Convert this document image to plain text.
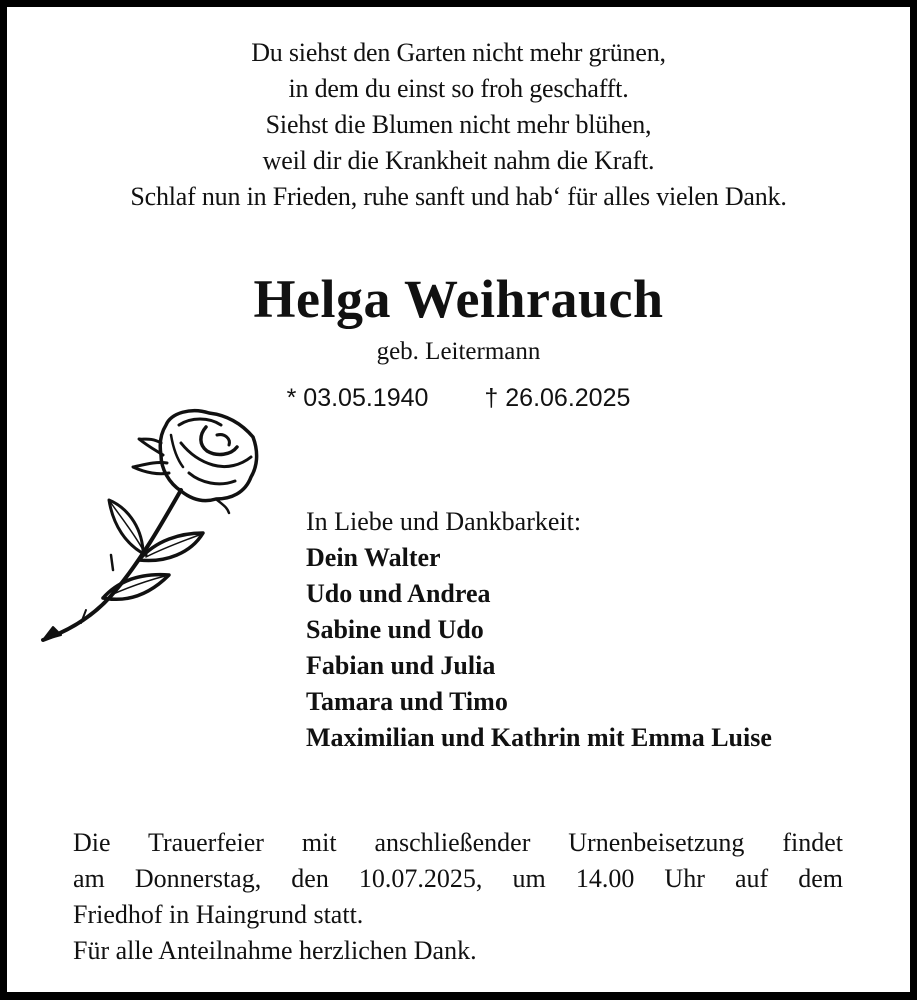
Du siehst den Garten nicht mehr grünen,
in dem du einst so froh geschafft.
Siehst die Blumen nicht mehr blühen,
weil dir die Krankheit nahm die Kraft.
Schlaf nun in Frieden, ruhe sanft und hab‘ für alles vielen Dank.
Helga Weihrauch
geb. Leitermann
* 03.05.1940 † 26.06.2025
In Liebe und Dankbarkeit:
Dein Walter
Udo und Andrea
Sabine und Udo
Fabian und Julia
Tamara und Timo
Maximilian und Kathrin mit Emma Luise
Die Trauerfeier mit anschließender Urnenbeisetzung findet
am Donnerstag, den 10.07.2025, um 14.00 Uhr auf dem
Friedhof in Haingrund statt.
Für alle Anteilnahme herzlichen Dank.
